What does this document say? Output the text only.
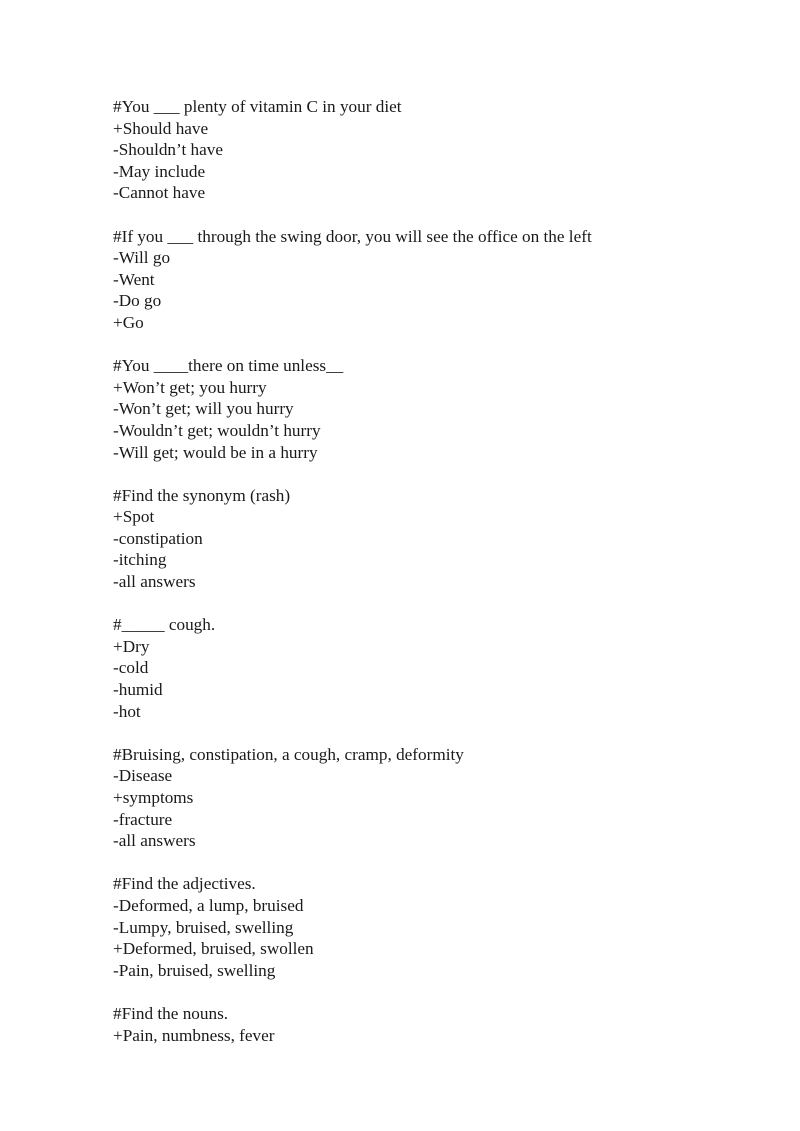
#You ___ plenty of vitamin C in your diet
+Should have
-Shouldn’t have
-May include
-Cannot have
#If you ___ through the swing door, you will see the office on the left
-Will go
-Went
-Do go
+Go
#You ____there on time unless__
+Won’t get; you hurry
-Won’t get; will you hurry
-Wouldn’t get; wouldn’t hurry
-Will get; would be in a hurry
#Find the synonym (rash)
+Spot
-constipation
-itching
-all answers
#_____ cough.
+Dry
-cold
-humid
-hot
#Bruising, constipation, a cough, cramp, deformity
-Disease
+symptoms
-fracture
-all answers
#Find the adjectives.
-Deformed, a lump, bruised
-Lumpy, bruised, swelling
+Deformed, bruised, swollen
-Pain, bruised, swelling
#Find the nouns.
+Pain, numbness, fever
